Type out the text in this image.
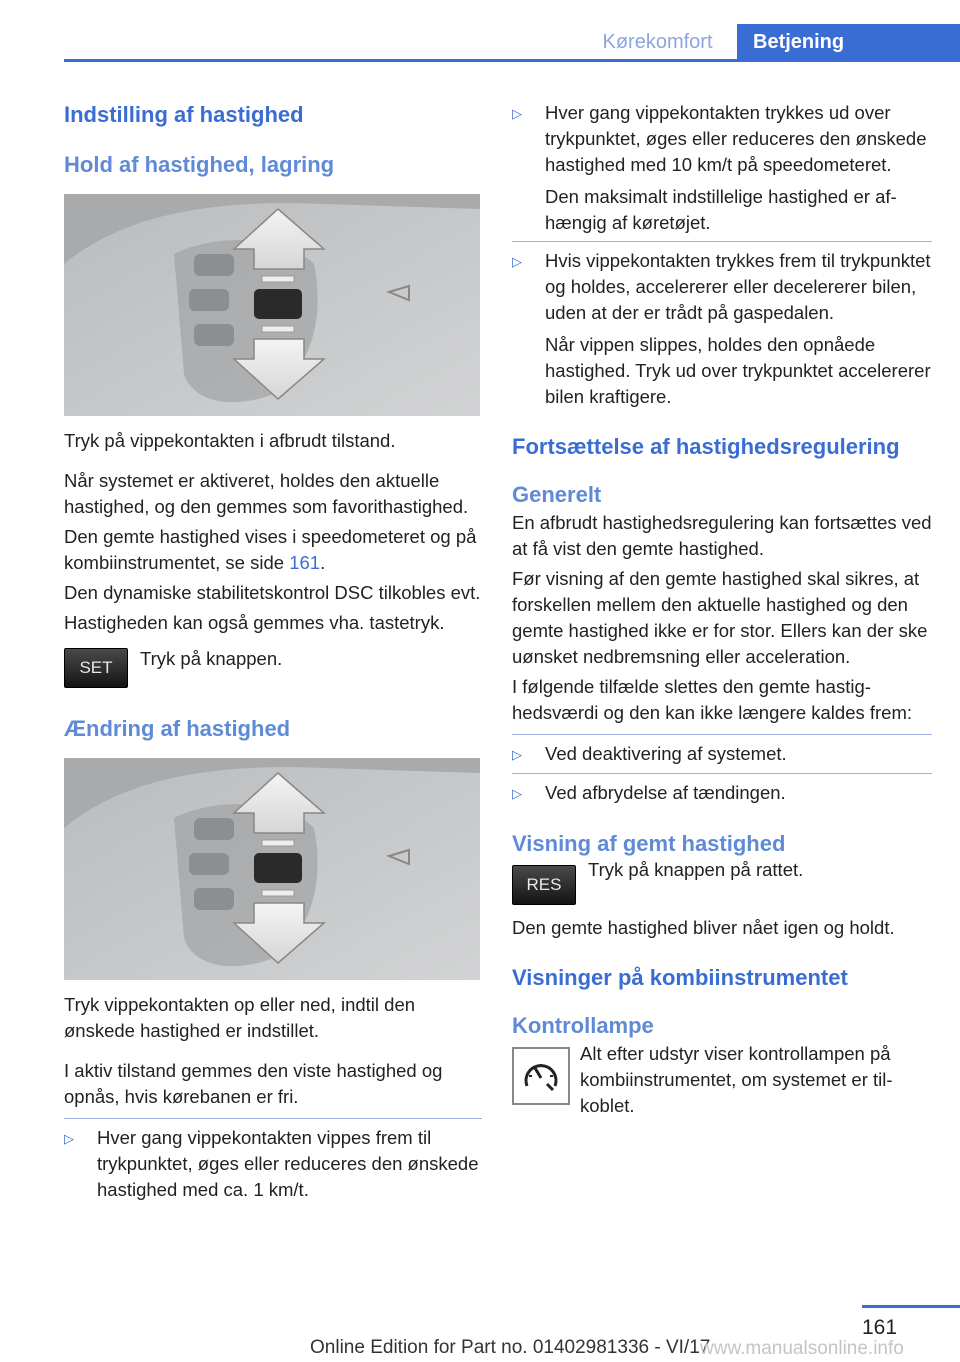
Kørekomfort	Betjening
Indstilling af hastighed
Hold af hastighed, lagring

Tryk på vippekontakten i afbrudt tilstand.

Når systemet er aktiveret, holdes den aktuelle hastighed, og den gemmes som favorithastighed.

Den gemte hastighed vises i speedometeret og på kombiinstrumentet, se side 161.

Den dynamiske stabilitetskontrol DSC tilkobles evt.

Hastigheden kan også gemmes vha. tastetryk.

SET	Tryk på knappen.

Ændring af hastighed

Tryk vippekontakten op eller ned, indtil den ønskede hastighed er indstillet.

I aktiv tilstand gemmes den viste hastighed og opnås, hvis kørebanen er fri.

▷	Hver gang vippekontakten vippes frem til trykpunktet, øges eller reduceres den ønskede hastighed med ca. 1 km/t.
▷	Hver gang vippekontakten trykkes ud over trykpunktet, øges eller reduceres den ønskede hastighed med 10 km/t på speedometeret.

Den maksimalt indstillelige hastighed er afhængig af køretøjet.

▷	Hvis vippekontakten trykkes frem til trykpunktet og holdes, accelererer eller decelererer bilen, uden at der er trådt på gaspedalen.

Når vippen slippes, holdes den opnåede hastighed. Tryk ud over trykpunktet accelererer bilen kraftigere.

Fortsættelse af hastighedsregulering
Generelt

En afbrudt hastighedsregulering kan fortsættes ved at få vist den gemte hastighed.

Før visning af den gemte hastighed skal sikres, at forskellen mellem den aktuelle hastighed og den gemte hastighed ikke er for stor. Ellers kan der ske uønsket nedbremsning eller acceleration.

I følgende tilfælde slettes den gemte hastighedsværdi og den kan ikke længere kaldes frem:

▷	Ved deaktivering af systemet.
▷	Ved afbrydelse af tændingen.
Visning af gemt hastighed
RES

Tryk på knappen på rattet.

Den gemte hastighed bliver nået igen og holdt.

Visninger på kombiinstrumentet
Kontrollampe

Alt efter udstyr viser kontrollampen på kombiinstrumentet, om systemet er tilkoblet.

161
Online Edition for Part no. 01402981336 - VI/17
www.manualsonline.info
